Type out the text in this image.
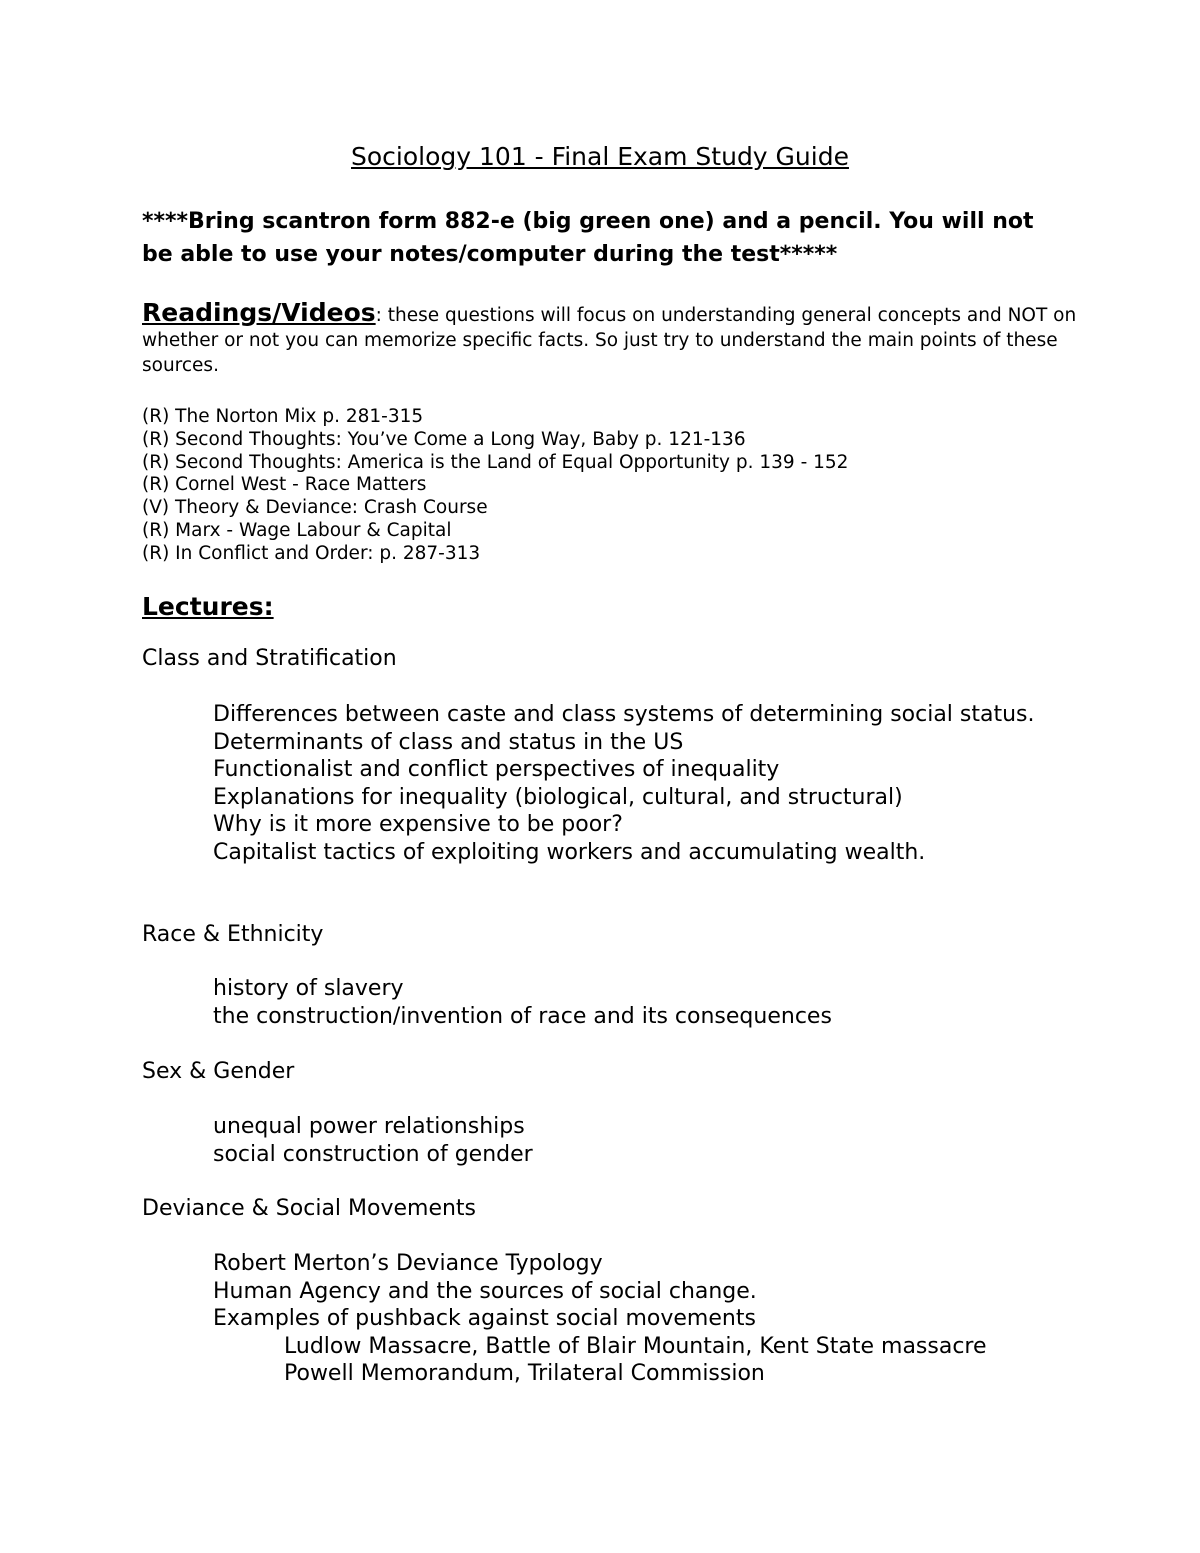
Sociology 101 - Final Exam Study Guide
****Bring scantron form 882-e (big green one) and a pencil. You will not be able to use your notes/computer during the test*****
Readings/Videos: these questions will focus on understanding general concepts and NOT on whether or not you can memorize specific facts. So just try to understand the main points of these sources.
(R) The Norton Mix p. 281-315
(R) Second Thoughts: You’ve Come a Long Way, Baby p. 121-136
(R) Second Thoughts: America is the Land of Equal Opportunity p. 139 - 152
(R) Cornel West - Race Matters
(V) Theory & Deviance: Crash Course
(R) Marx - Wage Labour & Capital
(R) In Conflict and Order: p. 287-313
Lectures:
Class and Stratification
Differences between caste and class systems of determining social status.
Determinants of class and status in the US
Functionalist and conflict perspectives of inequality
Explanations for inequality (biological, cultural, and structural)
Why is it more expensive to be poor?
Capitalist tactics of exploiting workers and accumulating wealth.
Race & Ethnicity
history of slavery
the construction/invention of race and its consequences
Sex & Gender
unequal power relationships
social construction of gender
Deviance & Social Movements
Robert Merton’s Deviance Typology
Human Agency and the sources of social change.
Examples of pushback against social movements
Ludlow Massacre, Battle of Blair Mountain, Kent State massacre
Powell Memorandum, Trilateral Commission
